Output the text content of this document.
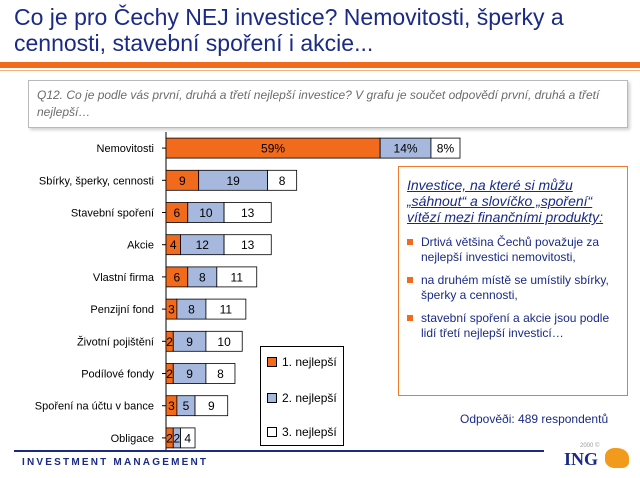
Co je pro Čechy NEJ investice? Nemovitosti, šperky a cennosti, stavební spoření i akcie...
Q12. Co je podle vás první, druhá a třetí nejlepší investice? V grafu je součet odpovědí první, druhá a třetí nejlepší…
Nemovitosti	59%	14% 8%
Sbírky, šperky, cennosti 9	19	8
Stavební spoření 6 10 13
Akcie 4 12	13
Vlastní firma 6 8 11
Penzijní fond 3 8 11
Životní pojištění 2 9 10
Podílové fondy 2 9 8
Spoření na účtu v bance 3 5 9
Obligace 2 2 4
1. nejlepší
2. nejlepší
3. nejlepší
Investice, na které si můžu „sáhnout“ a slovíčko „spoření“ vítězí mezi finančními produkty:
Drtivá většina Čechů považuje za nejlepší investici nemovitosti,
na druhém místě se umístily sbírky, šperky a cennosti,
stavební spoření a akcie jsou podle lidí třetí nejlepší investicí…
Odpověði: 489 respondentů
INVESTMENT MANAGEMENT
2000 ©
ING
